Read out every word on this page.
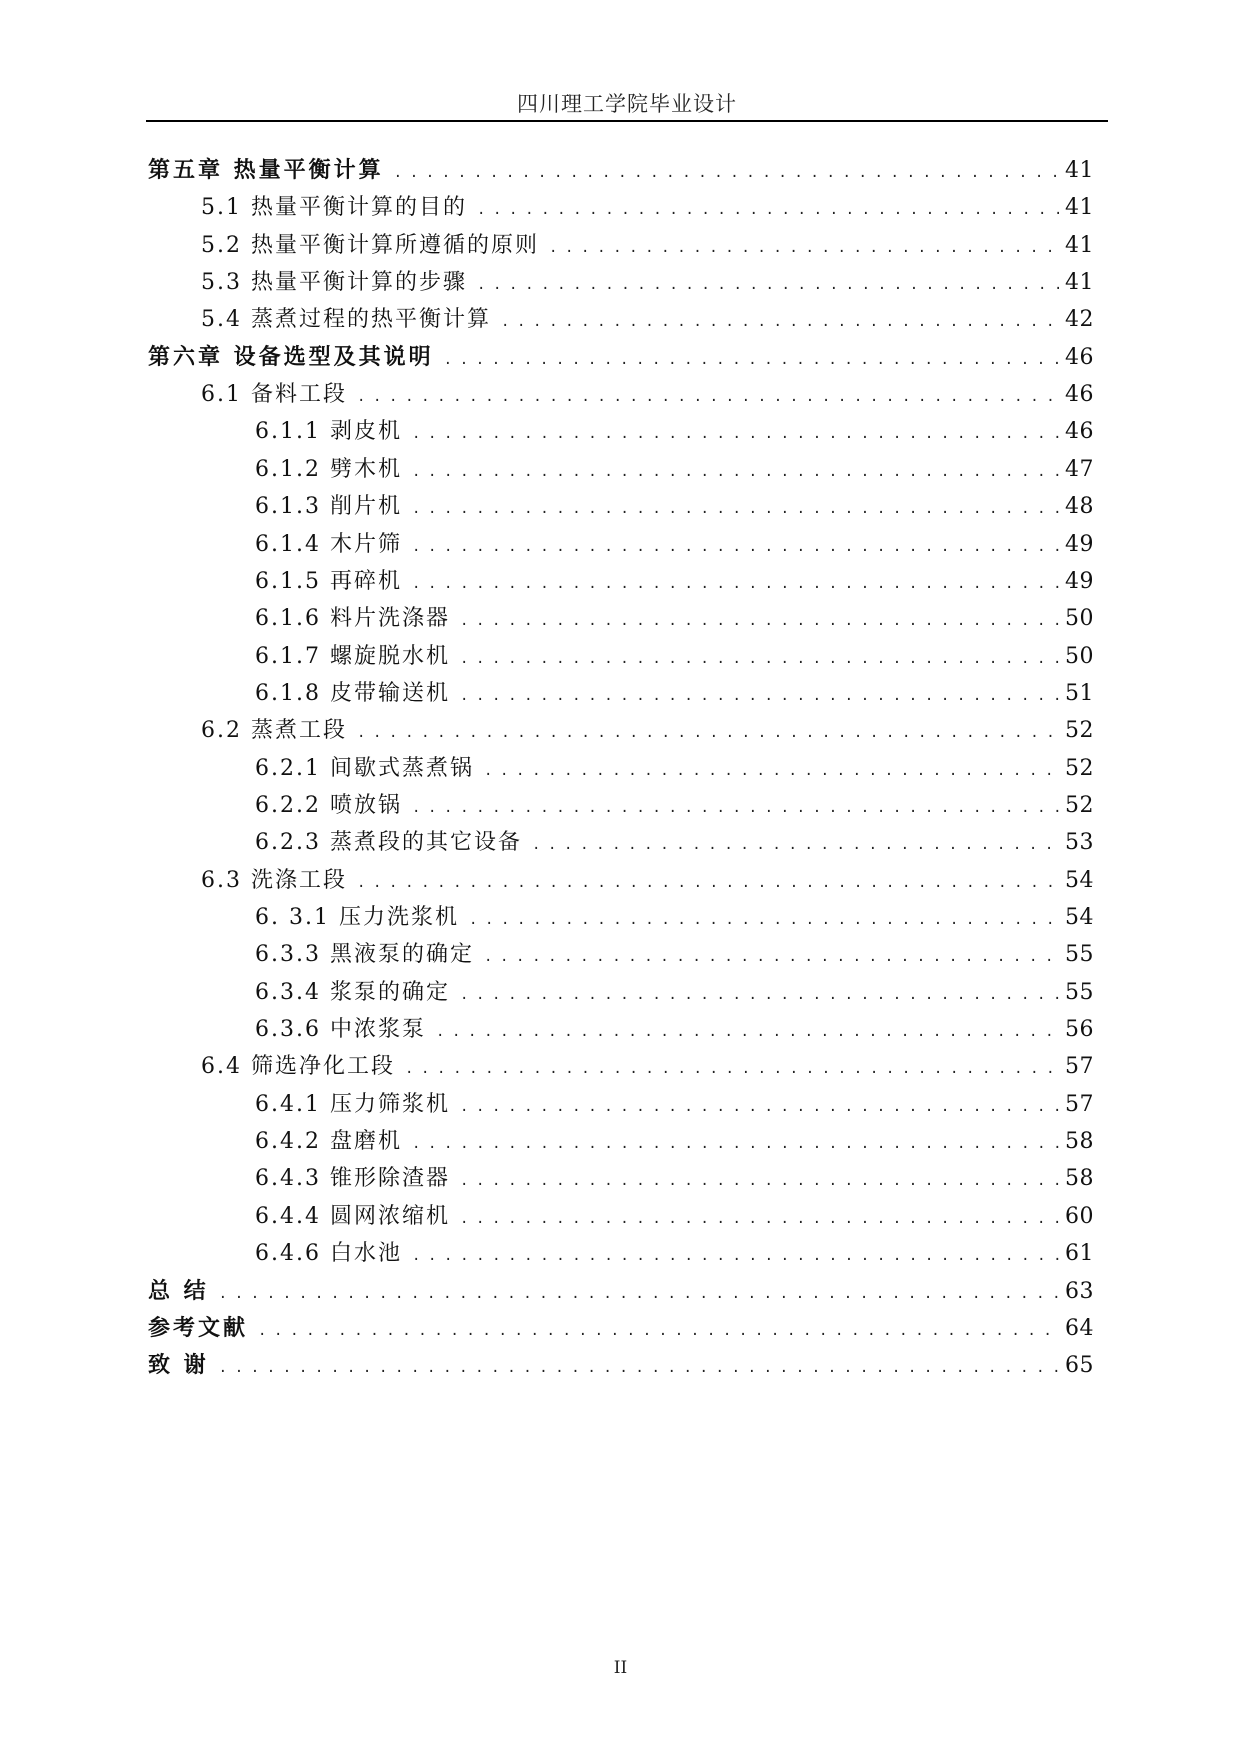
四川理工学院毕业设计
第五章 热量平衡计算 .....	41
5.1 热量平衡计算的目的 .....	41
5.2 热量平衡计算所遵循的原则 .....	41
5.3 热量平衡计算的步骤 .....	41
5.4 蒸煮过程的热平衡计算 .....	42
第六章 设备选型及其说明 .....	46
6.1 备料工段 .....	46
6.1.1 剥皮机 .....	46
6.1.2 劈木机 .....	47
6.1.3 削片机 .....	48
6.1.4 木片筛 .....	49
6.1.5 再碎机 .....	49
6.1.6 料片洗涤器 .....	50
6.1.7 螺旋脱水机 .....	50
6.1.8 皮带输送机 .....	51
6.2 蒸煮工段 .....	52
6.2.1 间歇式蒸煮锅 .....	52
6.2.2 喷放锅 .....	52
6.2.3 蒸煮段的其它设备 .....	53
6.3 洗涤工段 .....	54
6. 3.1 压力洗浆机 .....	54
6.3.3 黑液泵的确定 .....	55
6.3.4 浆泵的确定 .....	55
6.3.6 中浓浆泵 .....	56
6.4 筛选净化工段 .....	57
6.4.1 压力筛浆机 .....	57
6.4.2 盘磨机 .....	58
6.4.3 锥形除渣器 .....	58
6.4.4 圆网浓缩机 .....	60
6.4.6 白水池 .....	61
总 结 .....	63
参考文献 .....	64
致 谢 .....	65
II
